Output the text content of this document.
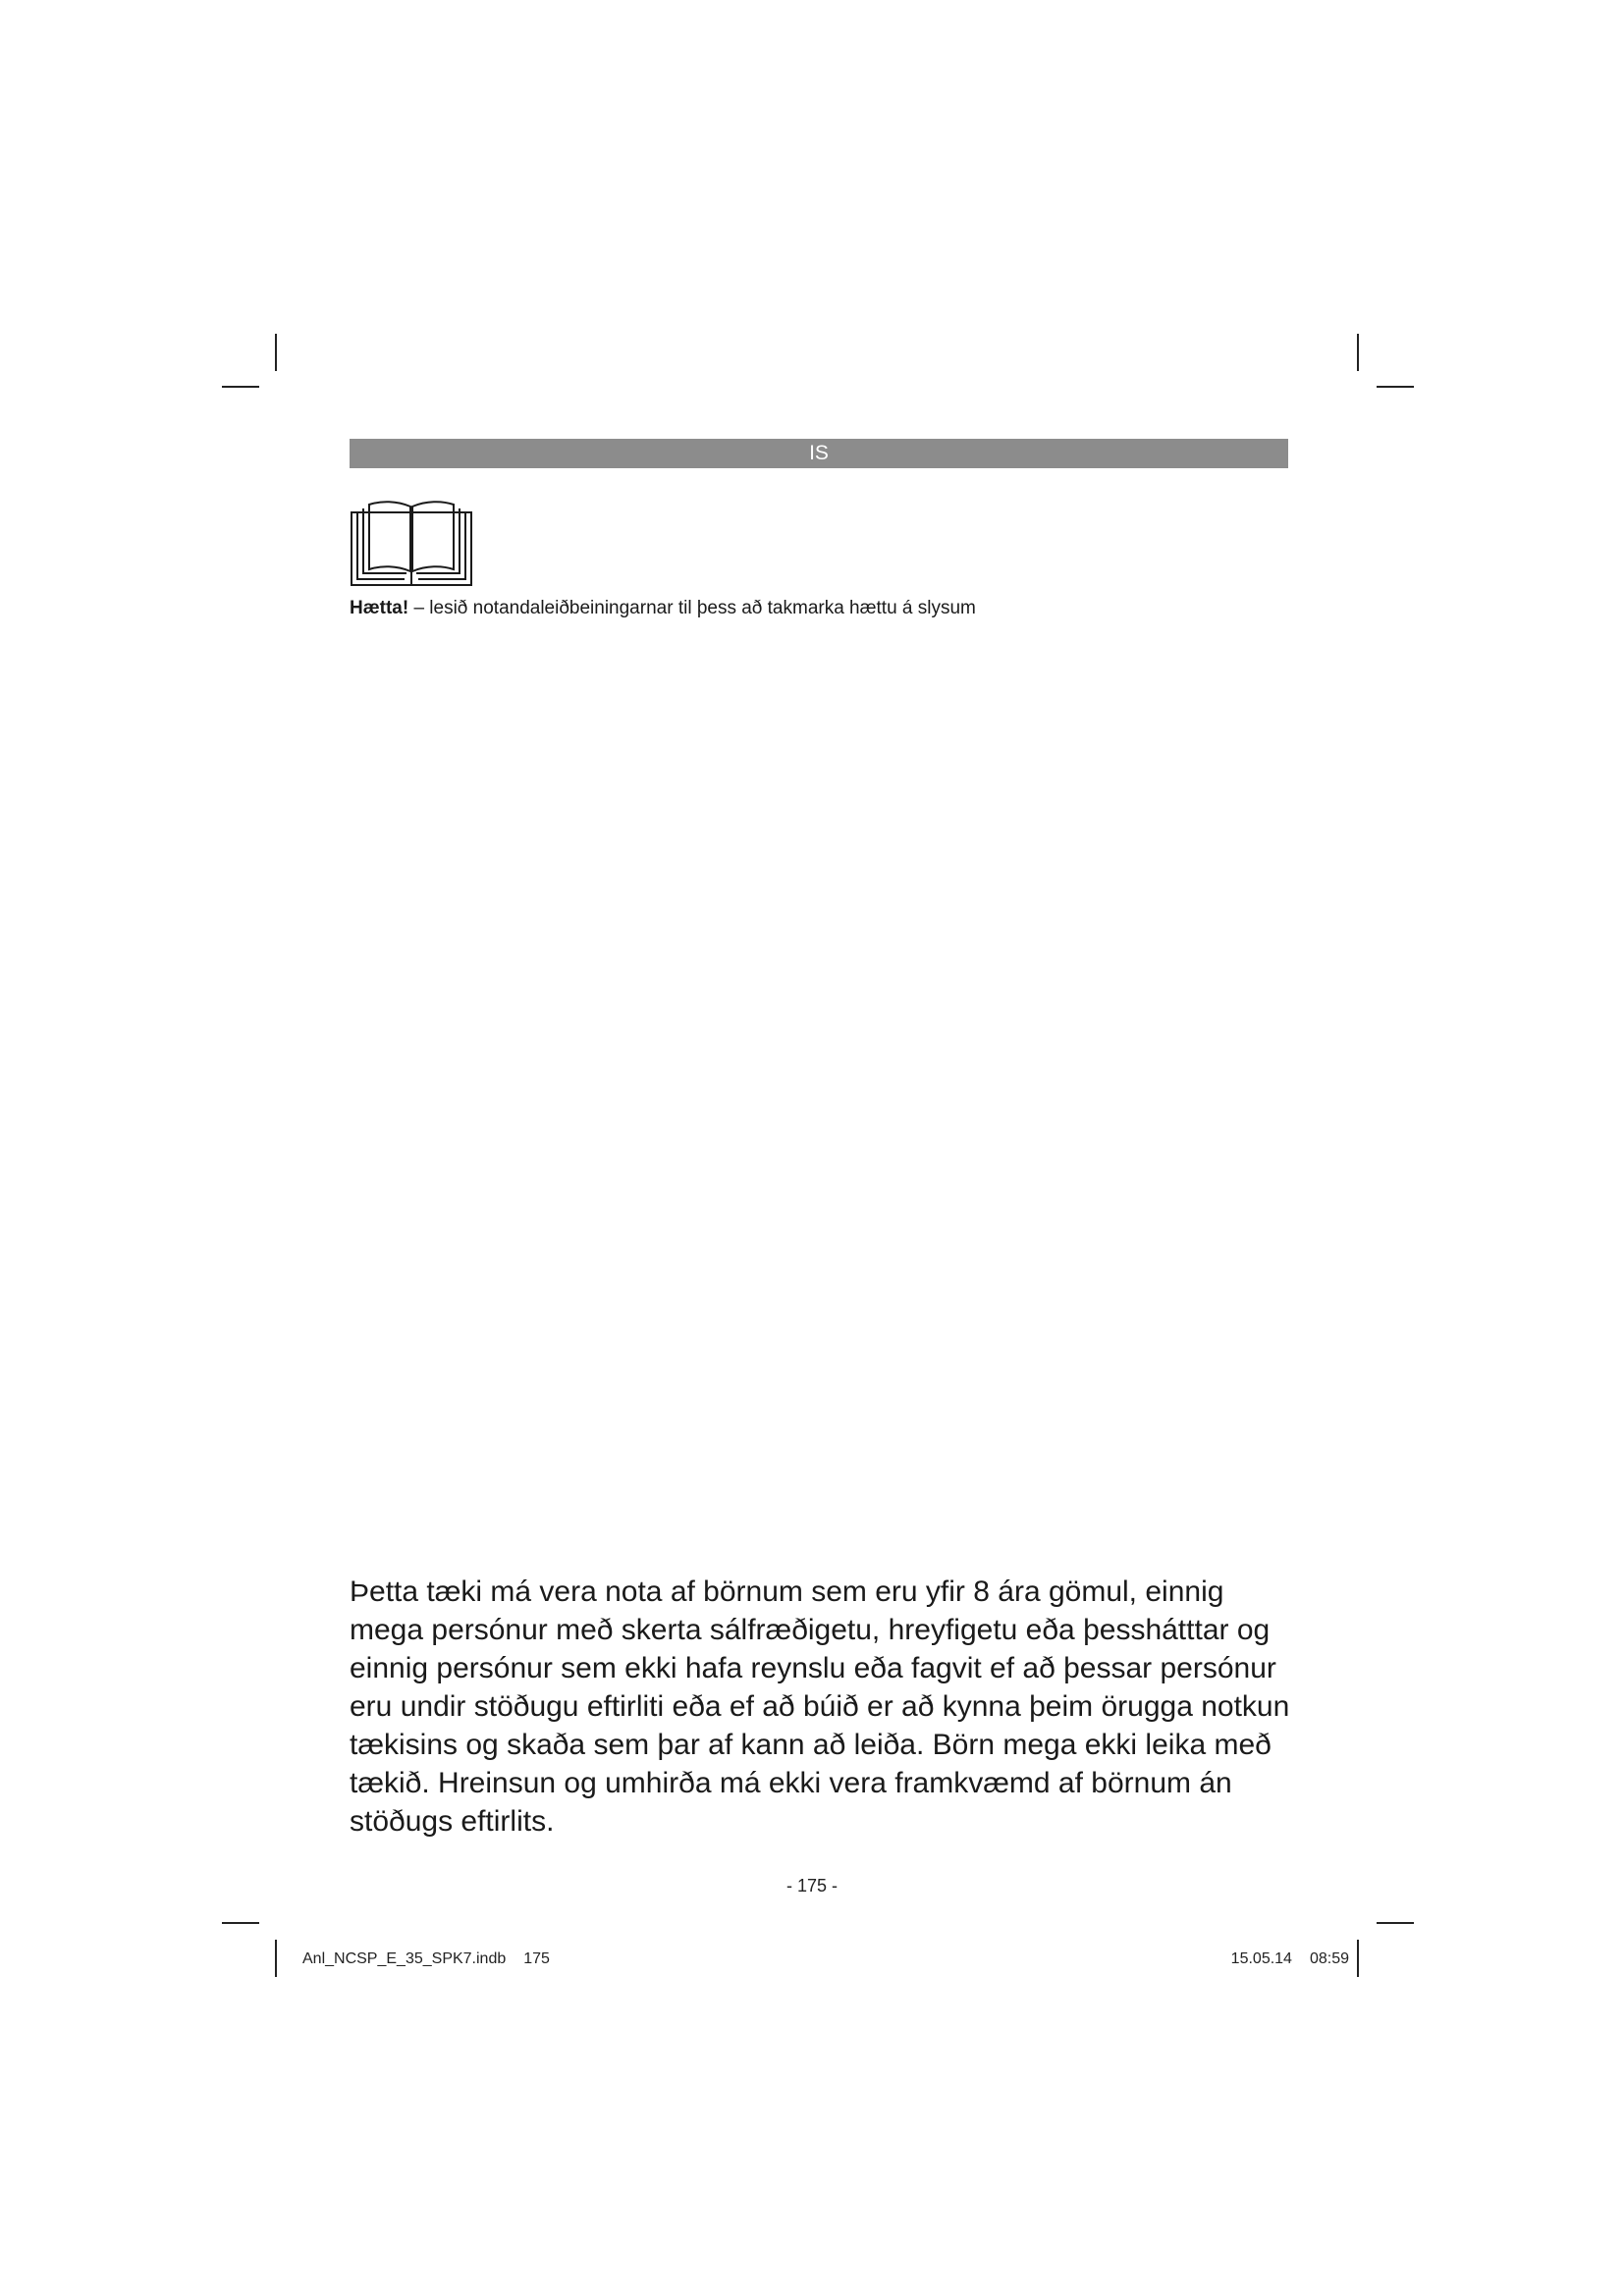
IS
Hætta! – lesið notandaleiðbeiningarnar til þess að takmarka hættu á slysum
Þetta tæki má vera nota af börnum sem eru yfir 8 ára gömul, einnig mega persónur með skerta sálfræðigetu, hreyfigetu eða þesshátttar og einnig persónur sem ekki hafa reynslu eða fagvit ef að þessar persónur eru undir stöðugu eftirliti eða ef að búið er að kynna þeim örugga notkun tækisins og skaða sem þar af kann að leiða. Börn mega ekki leika með tækið. Hreinsun og umhirða má ekki vera framkvæmd af börnum án stöðugs eftirlits.
- 175 -
Anl_NCSP_E_35_SPK7.indb 175	15.05.14 08:59
